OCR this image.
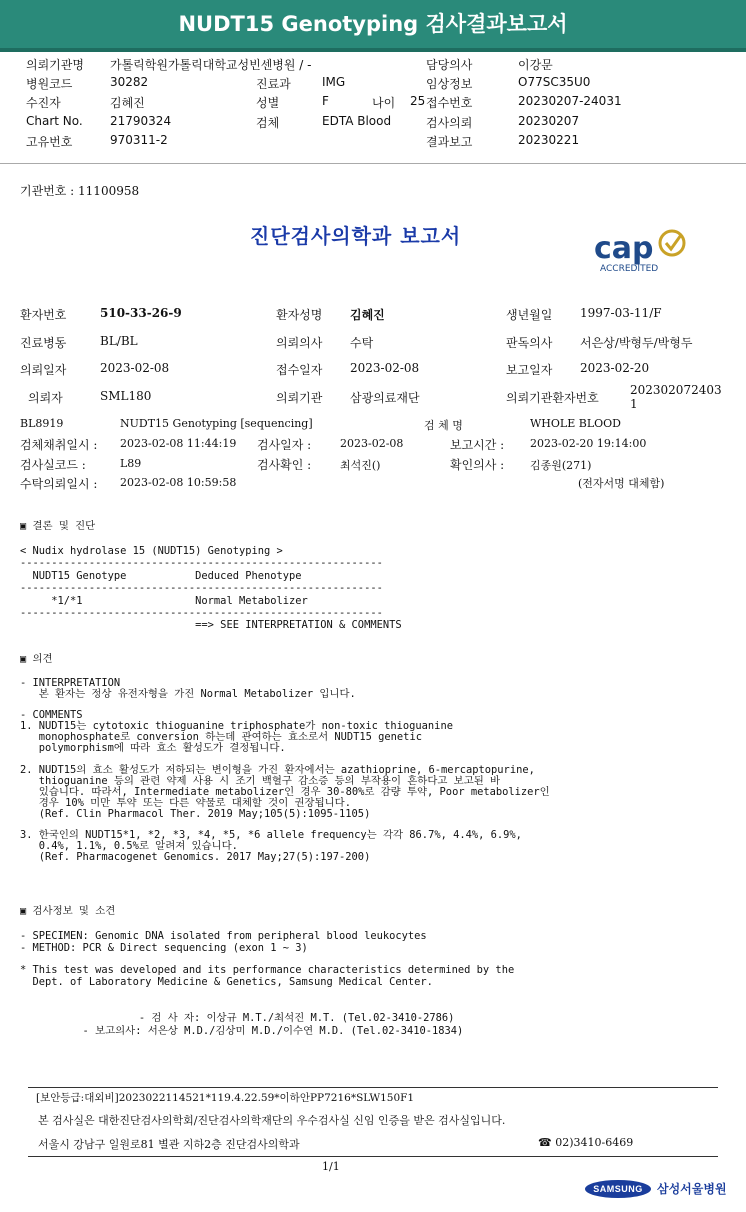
NUDT15 Genotyping 검사결과보고서
의뢰기관명 가톨릭학원가톨릭대학교성빈센병원 / -	담당의사	이강문
병원코드	30282	진료과	IMG	임상정보	O77SC35U0
수진자	김혜진	성별	F	나이 25 접수번호	20230207-24031
Chart No. 21790324	검체	EDTA Blood	검사의뢰	20230207
고유번호	970311-2	결과보고	20230221
기관번호 : 11100958
진단검사의학과 보고서	cap
ACCREDITED
환자번호	510-33-26-9	환자성명 김혜진	생년월일 1997-03-11/F
진료병동	BL/BL	의뢰의사 수탁	판독의사 서은상/박형두/박형두
의뢰일자	2023-02-08	접수일자 2023-02-08	보고일자 2023-02-20
의뢰자	SML180	의뢰기관 삼광의료재단	의뢰기관환자번호
202302072403
1
BL8919	NUDT15 Genotyping [sequencing]	검 체 명	WHOLE BLOOD
검체채취일시 : 2023-02-08 11:44:19 검사일자 :	2023-02-08	보고시간 : 2023-02-20 19:14:00
검사실코드 :	L89	검사확인 :	최석진()	확인의사 : 김종원(271)
수탁의뢰일시 : 2023-02-08 10:59:58	(전자서명 대체함)
▣ 결론 및 진단
< Nudix hydrolase 15 (NUDT15) Genotyping >
----------------------------------------------------------
NUDT15 Genotype           Deduced Phenotype
----------------------------------------------------------
*1/*1                  Normal Metabolizer
----------------------------------------------------------
==> SEE INTERPRETATION & COMMENTS
▣ 의견
- INTERPRETATION
본 환자는 정상 유전자형을 가진 Normal Metabolizer 입니다.
- COMMENTS
1. NUDT15는 cytotoxic thioguanine triphosphate가 non-toxic thioguanine
monophosphate로 conversion 하는데 관여하는 효소로서 NUDT15 genetic
polymorphism에 따라 효소 활성도가 결정됩니다.
2. NUDT15의 효소 활성도가 저하되는 변이형을 가진 환자에서는 azathioprine, 6-mercaptopurine,
thioguanine 등의 관련 약제 사용 시 조기 백혈구 감소증 등의 부작용이 흔하다고 보고된 바
있습니다. 따라서, Intermediate metabolizer인 경우 30-80%로 감량 투약, Poor metabolizer인
경우 10% 미만 투약 또는 다른 약물로 대체할 것이 권장됩니다.
(Ref. Clin Pharmacol Ther. 2019 May;105(5):1095-1105)
3. 한국인의 NUDT15*1, *2, *3, *4, *5, *6 allele frequency는 각각 86.7%, 4.4%, 6.9%,
0.4%, 1.1%, 0.5%로 알려져 있습니다.
(Ref. Pharmacogenet Genomics. 2017 May;27(5):197-200)
▣ 검사정보 및 소견
- SPECIMEN: Genomic DNA isolated from peripheral blood leukocytes
- METHOD: PCR & Direct sequencing (exon 1 ~ 3)
* This test was developed and its performance characteristics determined by the
Dept. of Laboratory Medicine & Genetics, Samsung Medical Center.
- 검 사 자: 이상규 M.T./최석진 M.T. (Tel.02-3410-2786)
- 보고의사: 서은상 M.D./김상미 M.D./이수연 M.D. (Tel.02-3410-1834)
[보안등급:대외비]2023022114521*119.4.22.59*이하안PP7216*SLW150F1
본 검사실은 대한진단검사의학회/진단검사의학재단의 우수검사실 신임 인증을 받은 검사실입니다.
서울시 강남구 일원로81 별관 지하2층 진단검사의학과	☎ 02)3410-6469
1/1
SAMSUNG	삼성서울병원
